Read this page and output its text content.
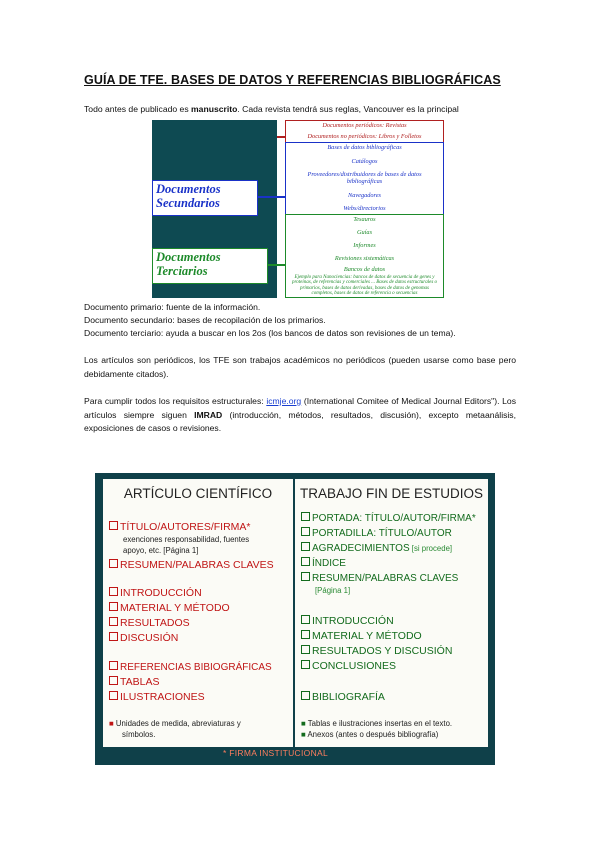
GUÍA DE TFE. BASES DE DATOS Y REFERENCIAS BIBLIOGRÁFICAS
Todo antes de publicado es manuscrito. Cada revista tendrá sus reglas, Vancouver es la principal
Documentos periódicos: Revistas
Documentos no periódicos: Libros y Folletos
Documentos Secundarios
Bases de datos bibliográficas
Catálogos
Proveedores/distribuidores de bases de datos bibliográficas
Navegadores
Webs/directorios
Documentos Terciarios
Tesauros
Guías
Informes
Revisiones sistemáticas
Bancos de datos
Ejemplo para Nanociencias: bancos de datos de secuencia de genes y proteínas, de referencias y comerciales ... Bases de datos estructurales o primarios, bases de datos derivadas, bases de datos de genomas completos, bases de datos de referencia o secuencias
Documento primario: fuente de la información.
Documento secundario: bases de recopilación de los primarios.
Documento terciario: ayuda a buscar en los 2os (los bancos de datos son revisiones de un tema).
Los artículos son periódicos, los TFE son trabajos académicos no periódicos (pueden usarse como base pero debidamente citados).
Para cumplir todos los requisitos estructurales: icmje.org (International Comitee of Medical Journal Editors"). Los artículos siempre siguen IMRAD (introducción, métodos, resultados, discusión), excepto metaanálisis, exposiciones de casos o revisiones.
ARTÍCULO CIENTÍFICO
TÍTULO/AUTORES/FIRMA*
exenciones responsabilidad, fuentes
apoyo, etc. [Página 1]
RESUMEN/PALABRAS CLAVES
INTRODUCCIÓN
MATERIAL Y MÉTODO
RESULTADOS
DISCUSIÓN
REFERENCIAS BIBIOGRÁFICAS
TABLAS
ILUSTRACIONES
■ Unidades de medida, abreviaturas y
símbolos.
TRABAJO FIN DE ESTUDIOS
PORTADA: TÍTULO/AUTOR/FIRMA*
PORTADILLA: TÍTULO/AUTOR
AGRADECIMIENTOS [si procede]
ÍNDICE
RESUMEN/PALABRAS CLAVES
[Página 1]
INTRODUCCIÓN
MATERIAL Y MÉTODO
RESULTADOS Y DISCUSIÓN
CONCLUSIONES
BIBLIOGRAFÍA
■ Tablas e ilustraciones insertas en el texto.
■ Anexos (antes o después bibliografía)
* FIRMA INSTITUCIONAL
